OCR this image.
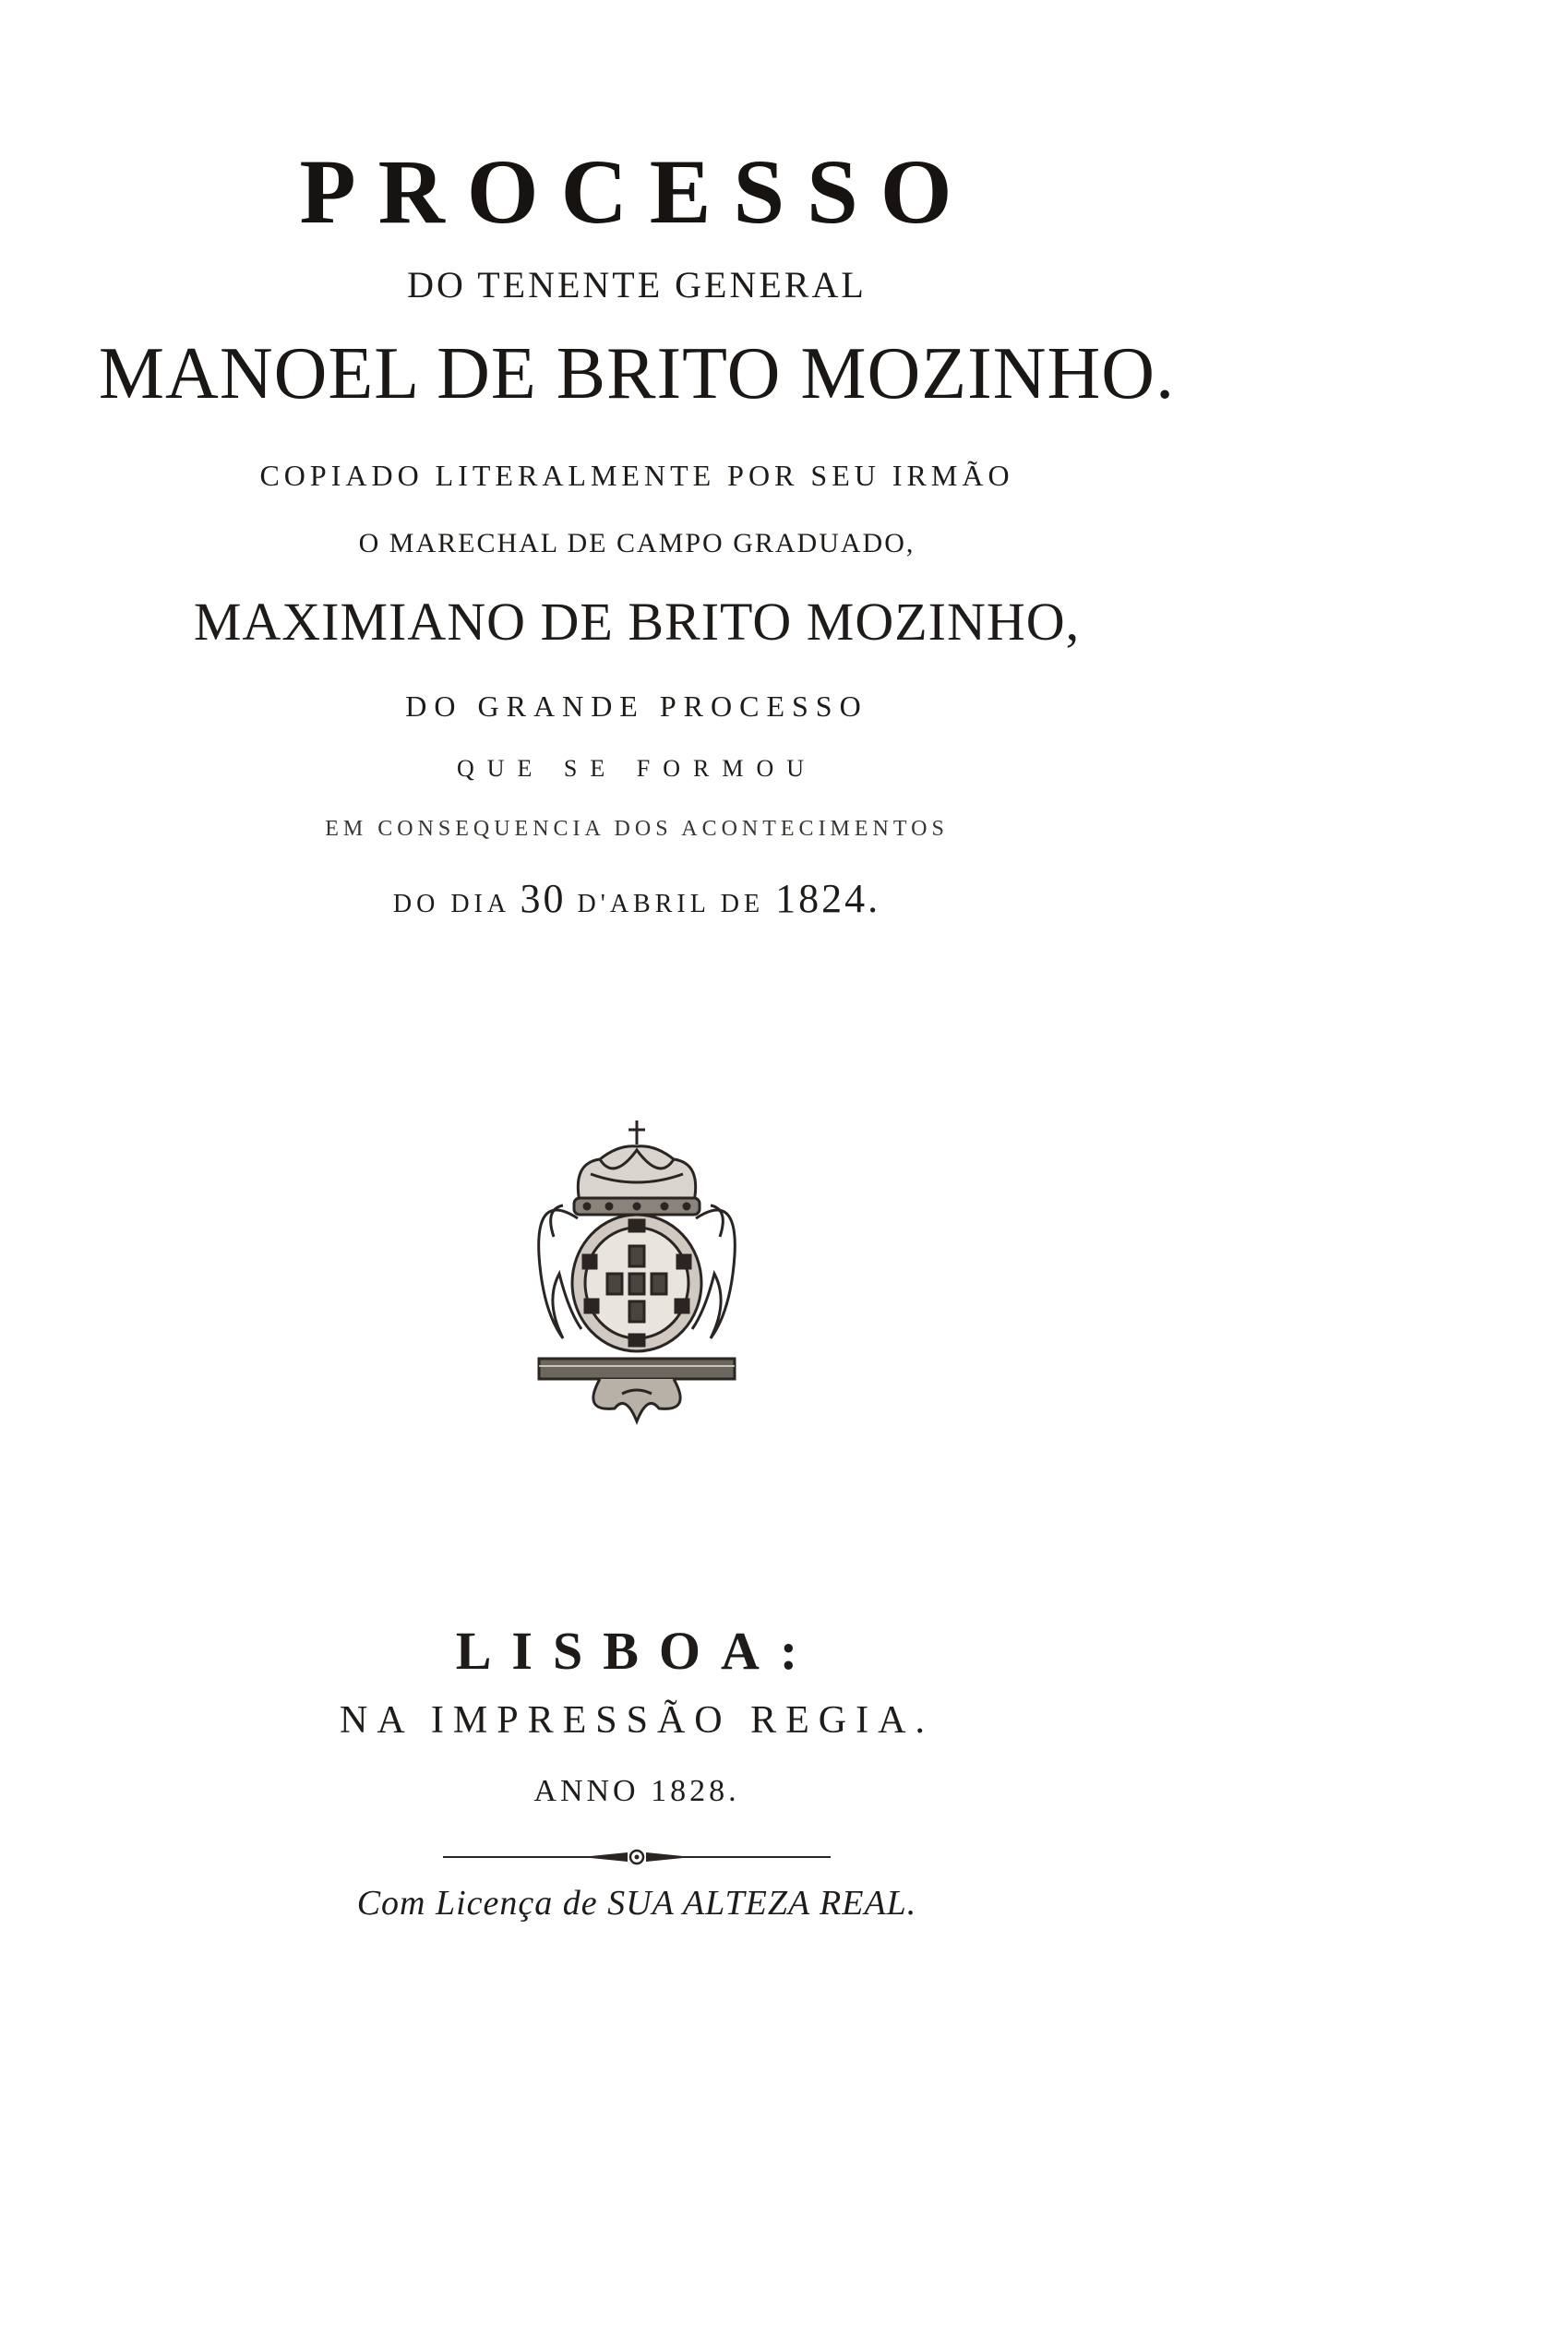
PROCESSO
DO TENENTE GENERAL
MANOEL DE BRITO MOZINHO.
COPIADO LITERALMENTE POR SEU IRMÃO
O MARECHAL DE CAMPO GRADUADO,
MAXIMIANO DE BRITO MOZINHO,
DO GRANDE PROCESSO
QUE SE FORMOU
EM CONSEQUENCIA DOS ACONTECIMENTOS
DO DIA 30 D'ABRIL DE 1824.
LISBOA:
NA IMPRESSÃO REGIA.
ANNO 1828.
Com Licença de SUA ALTEZA REAL.
